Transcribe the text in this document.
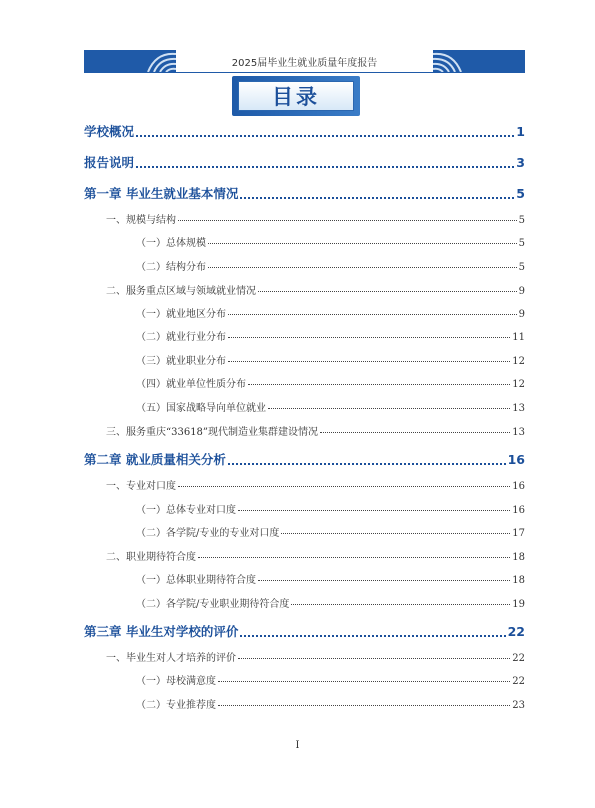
2025届毕业生就业质量年度报告
目录
学校概况	1
报告说明	3
第一章 毕业生就业基本情况	5
一、规模与结构	5
（一）总体规模	5
（二）结构分布	5
二、服务重点区域与领域就业情况	9
（一）就业地区分布	9
（二）就业行业分布	11
（三）就业职业分布	12
（四）就业单位性质分布	12
（五）国家战略导向单位就业	13
三、服务重庆“33618”现代制造业集群建设情况	13
第二章 就业质量相关分析	16
一、专业对口度	16
（一）总体专业对口度	16
（二）各学院/专业的专业对口度	17
二、职业期待符合度	18
（一）总体职业期待符合度	18
（二）各学院/专业职业期待符合度	19
第三章 毕业生对学校的评价	22
一、毕业生对人才培养的评价	22
（一）母校满意度	22
（二）专业推荐度	23
I
